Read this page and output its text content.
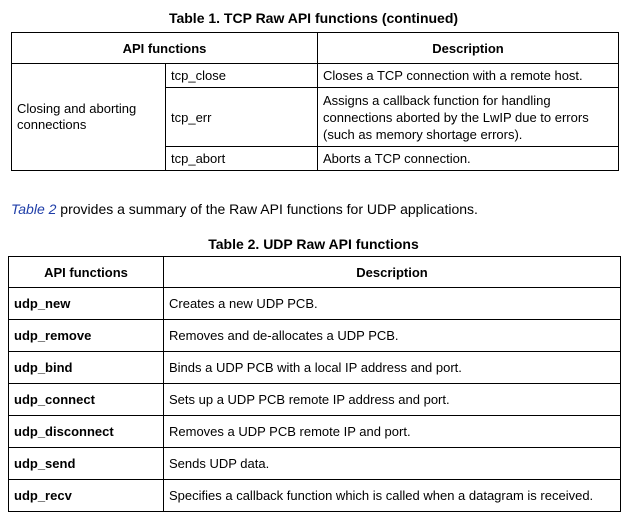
Table 1. TCP Raw API functions (continued)
API functions		Description
Closing and aborting connections	tcp_close	Closes a TCP connection with a remote host.
	tcp_err	Assigns a callback function for handling connections aborted by the LwIP due to errors (such as memory shortage errors).
	tcp_abort	Aborts a TCP connection.
Table 2 provides a summary of the Raw API functions for UDP applications.
Table 2. UDP Raw API functions
API functions	Description
udp_new	Creates a new UDP PCB.
udp_remove	Removes and de-allocates a UDP PCB.
udp_bind	Binds a UDP PCB with a local IP address and port.
udp_connect	Sets up a UDP PCB remote IP address and port.
udp_disconnect	Removes a UDP PCB remote IP and port.
udp_send	Sends UDP data.
udp_recv	Specifies a callback function which is called when a datagram is received.
